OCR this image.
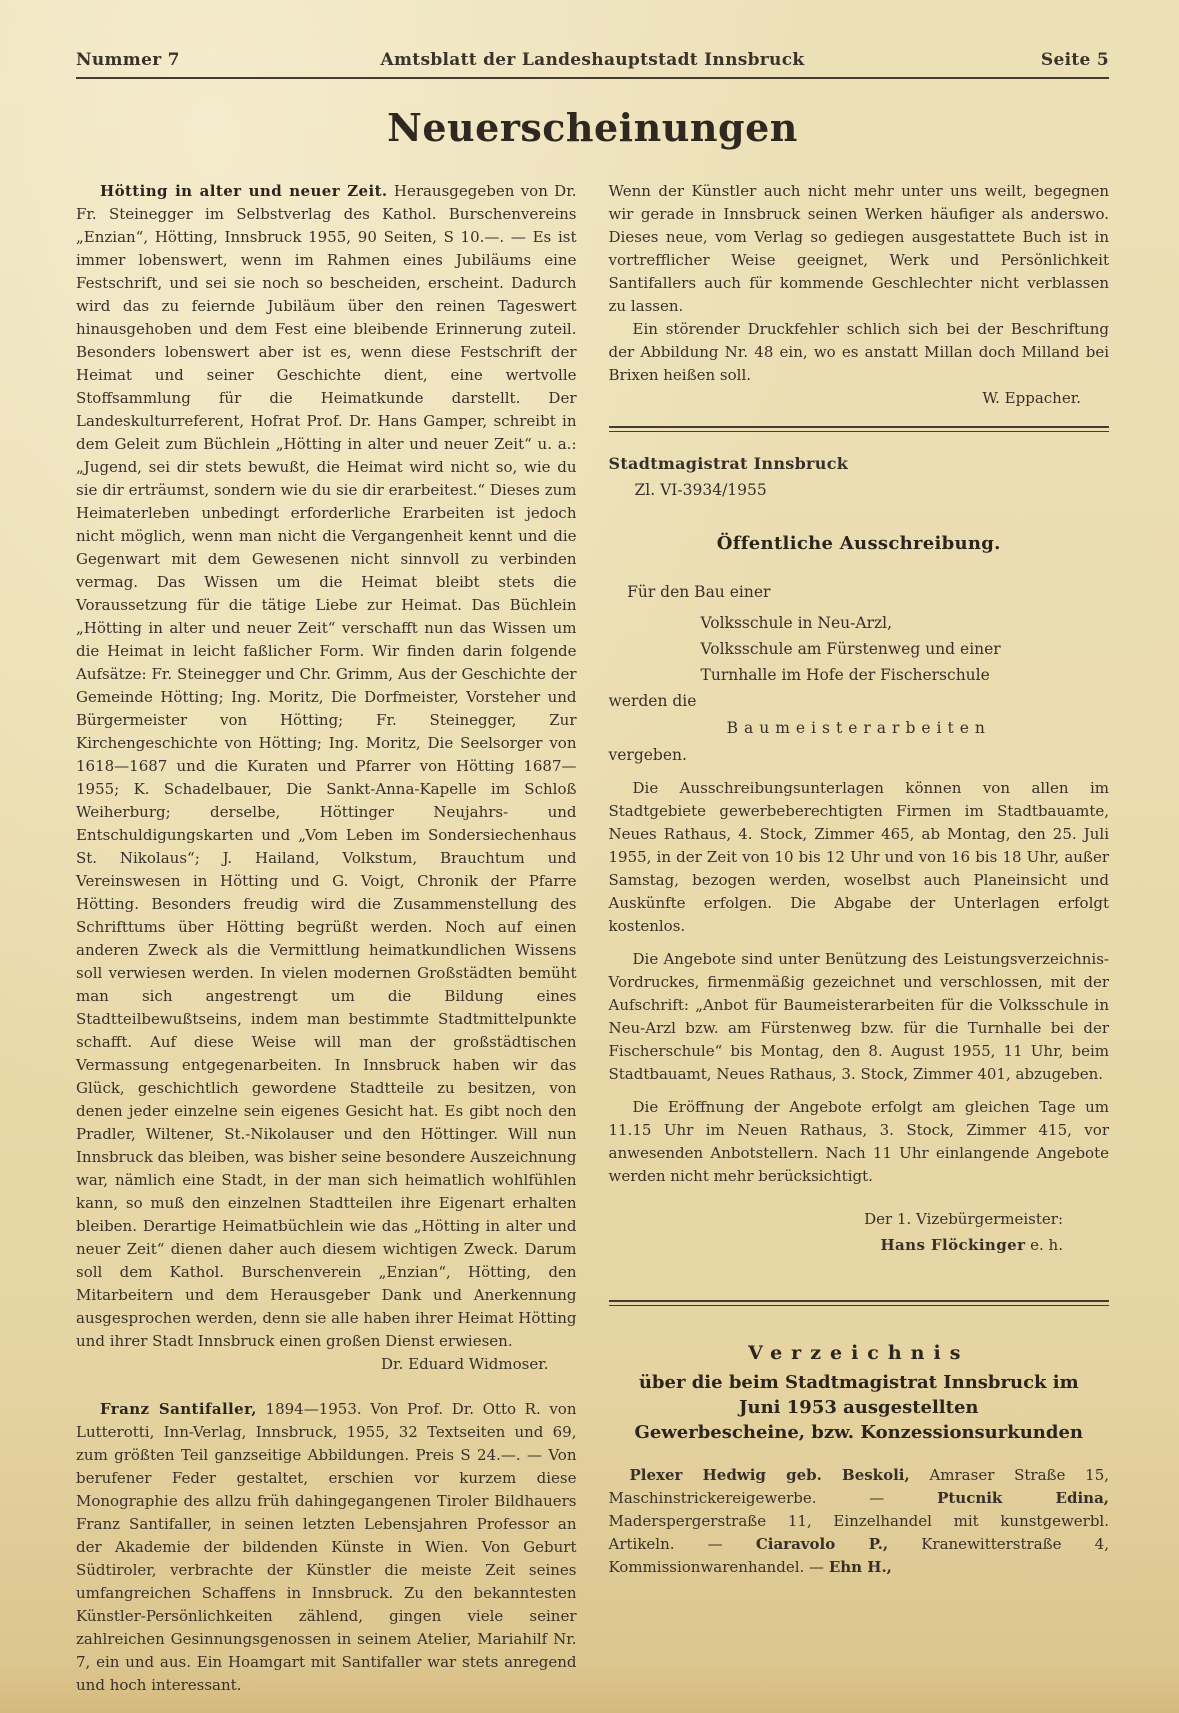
Nummer 7	Amtsblatt der Landeshauptstadt Innsbruck	Seite 5
Neuerscheinungen

Hötting in alter und neuer Zeit. Herausgegeben von Dr. Fr. Steinegger im Selbstverlag des Kathol. Burschenvereins „Enzian“, Hötting, Innsbruck 1955, 90 Seiten, S 10.—. — Es ist immer lobenswert, wenn im Rahmen eines Jubiläums eine Festschrift, und sei sie noch so bescheiden, erscheint. Dadurch wird das zu feiernde Jubiläum über den reinen Tageswert hinausgehoben und dem Fest eine bleibende Erinnerung zuteil. Besonders lobenswert aber ist es, wenn diese Festschrift der Heimat und seiner Geschichte dient, eine wertvolle Stoffsammlung für die Heimatkunde darstellt. Der Landeskulturreferent, Hofrat Prof. Dr. Hans Gamper, schreibt in dem Geleit zum Büchlein „Hötting in alter und neuer Zeit“ u. a.: „Jugend, sei dir stets bewußt, die Heimat wird nicht so, wie du sie dir erträumst, sondern wie du sie dir erarbeitest.“ Dieses zum Heimaterleben unbedingt erforderliche Erarbeiten ist jedoch nicht möglich, wenn man nicht die Vergangenheit kennt und die Gegenwart mit dem Gewesenen nicht sinnvoll zu verbinden vermag. Das Wissen um die Heimat bleibt stets die Voraussetzung für die tätige Liebe zur Heimat. Das Büchlein „Hötting in alter und neuer Zeit“ verschafft nun das Wissen um die Heimat in leicht faßlicher Form. Wir finden darin folgende Aufsätze: Fr. Steinegger und Chr. Grimm, Aus der Geschichte der Gemeinde Hötting; Ing. Moritz, Die Dorfmeister, Vorsteher und Bürgermeister von Hötting; Fr. Steinegger, Zur Kirchengeschichte von Hötting; Ing. Moritz, Die Seelsorger von 1618—1687 und die Kuraten und Pfarrer von Hötting 1687—1955; K. Schadelbauer, Die Sankt-Anna-Kapelle im Schloß Weiherburg; derselbe, Höttinger Neujahrs- und Entschuldigungskarten und „Vom Leben im Sondersiechenhaus St. Nikolaus“; J. Hailand, Volkstum, Brauchtum und Vereinswesen in Hötting und G. Voigt, Chronik der Pfarre Hötting. Besonders freudig wird die Zusammenstellung des Schrifttums über Hötting begrüßt werden. Noch auf einen anderen Zweck als die Vermittlung heimatkundlichen Wissens soll verwiesen werden. In vielen modernen Großstädten bemüht man sich angestrengt um die Bildung eines Stadtteilbewußtseins, indem man bestimmte Stadtmittelpunkte schafft. Auf diese Weise will man der großstädtischen Vermassung entgegenarbeiten. In Innsbruck haben wir das Glück, geschichtlich gewordene Stadtteile zu besitzen, von denen jeder einzelne sein eigenes Gesicht hat. Es gibt noch den Pradler, Wiltener, St.-Nikolauser und den Höttinger. Will nun Innsbruck das bleiben, was bisher seine besondere Auszeichnung war, nämlich eine Stadt, in der man sich heimatlich wohlfühlen kann, so muß den einzelnen Stadtteilen ihre Eigenart erhalten bleiben. Derartige Heimatbüchlein wie das „Hötting in alter und neuer Zeit“ dienen daher auch diesem wichtigen Zweck. Darum soll dem Kathol. Burschenverein „Enzian“, Hötting, den Mitarbeitern und dem Herausgeber Dank und Anerkennung ausgesprochen werden, denn sie alle haben ihrer Heimat Hötting und ihrer Stadt Innsbruck einen großen Dienst erwiesen.

Dr. Eduard Widmoser.

Franz Santifaller, 1894—1953. Von Prof. Dr. Otto R. von Lutterotti, Inn-Verlag, Innsbruck, 1955, 32 Textseiten und 69, zum größten Teil ganzseitige Abbildungen. Preis S 24.—. — Von berufener Feder gestaltet, erschien vor kurzem diese Monographie des allzu früh dahingegangenen Tiroler Bildhauers Franz Santifaller, in seinen letzten Lebensjahren Professor an der Akademie der bildenden Künste in Wien. Von Geburt Südtiroler, verbrachte der Künstler die meiste Zeit seines umfangreichen Schaffens in Innsbruck. Zu den bekanntesten Künstler-Persönlichkeiten zählend, gingen viele seiner zahlreichen Gesinnungsgenossen in seinem Atelier, Mariahilf Nr. 7, ein und aus. Ein Hoamgart mit Santifaller war stets anregend und hoch interessant.

Wenn der Künstler auch nicht mehr unter uns weilt, begegnen wir gerade in Innsbruck seinen Werken häufiger als anderswo. Dieses neue, vom Verlag so gediegen ausgestattete Buch ist in vortrefflicher Weise geeignet, Werk und Persönlichkeit Santifallers auch für kommende Geschlechter nicht verblassen zu lassen.

Ein störender Druckfehler schlich sich bei der Beschriftung der Abbildung Nr. 48 ein, wo es anstatt Millan doch Milland bei Brixen heißen soll.

W. Eppacher.

Stadtmagistrat Innsbruck
Zl. VI-3934/1955
Öffentliche Ausschreibung.

Für den Bau einer

Volksschule in Neu-Arzl,
Volksschule am Fürstenweg und einer
Turnhalle im Hofe der Fischerschule

werden die

Baumeisterarbeiten

vergeben.

Die Ausschreibungsunterlagen können von allen im Stadtgebiete gewerbeberechtigten Firmen im Stadtbauamte, Neues Rathaus, 4. Stock, Zimmer 465, ab Montag, den 25. Juli 1955, in der Zeit von 10 bis 12 Uhr und von 16 bis 18 Uhr, außer Samstag, bezogen werden, woselbst auch Planeinsicht und Auskünfte erfolgen. Die Abgabe der Unterlagen erfolgt kostenlos.

Die Angebote sind unter Benützung des Leistungsverzeichnis-Vordruckes, firmenmäßig gezeichnet und verschlossen, mit der Aufschrift: „Anbot für Baumeisterarbeiten für die Volksschule in Neu-Arzl bzw. am Fürstenweg bzw. für die Turnhalle bei der Fischerschule“ bis Montag, den 8. August 1955, 11 Uhr, beim Stadtbauamt, Neues Rathaus, 3. Stock, Zimmer 401, abzugeben.

Die Eröffnung der Angebote erfolgt am gleichen Tage um 11.15 Uhr im Neuen Rathaus, 3. Stock, Zimmer 415, vor anwesenden Anbotstellern. Nach 11 Uhr einlangende Angebote werden nicht mehr berücksichtigt.

Der 1. Vizebürgermeister:
Hans Flöckinger e. h.
Verzeichnis
über die beim Stadtmagistrat Innsbruck im
Juni 1953 ausgestellten
Gewerbescheine, bzw. Konzessionsurkunden

Plexer Hedwig geb. Beskoli, Amraser Straße 15, Maschinstrickereigewerbe. — Ptucnik Edina, Maderspergerstraße 11, Einzelhandel mit kunstgewerbl. Artikeln. — Ciaravolo P., Kranewitterstraße 4, Kommissionwarenhandel. — Ehn H.,
